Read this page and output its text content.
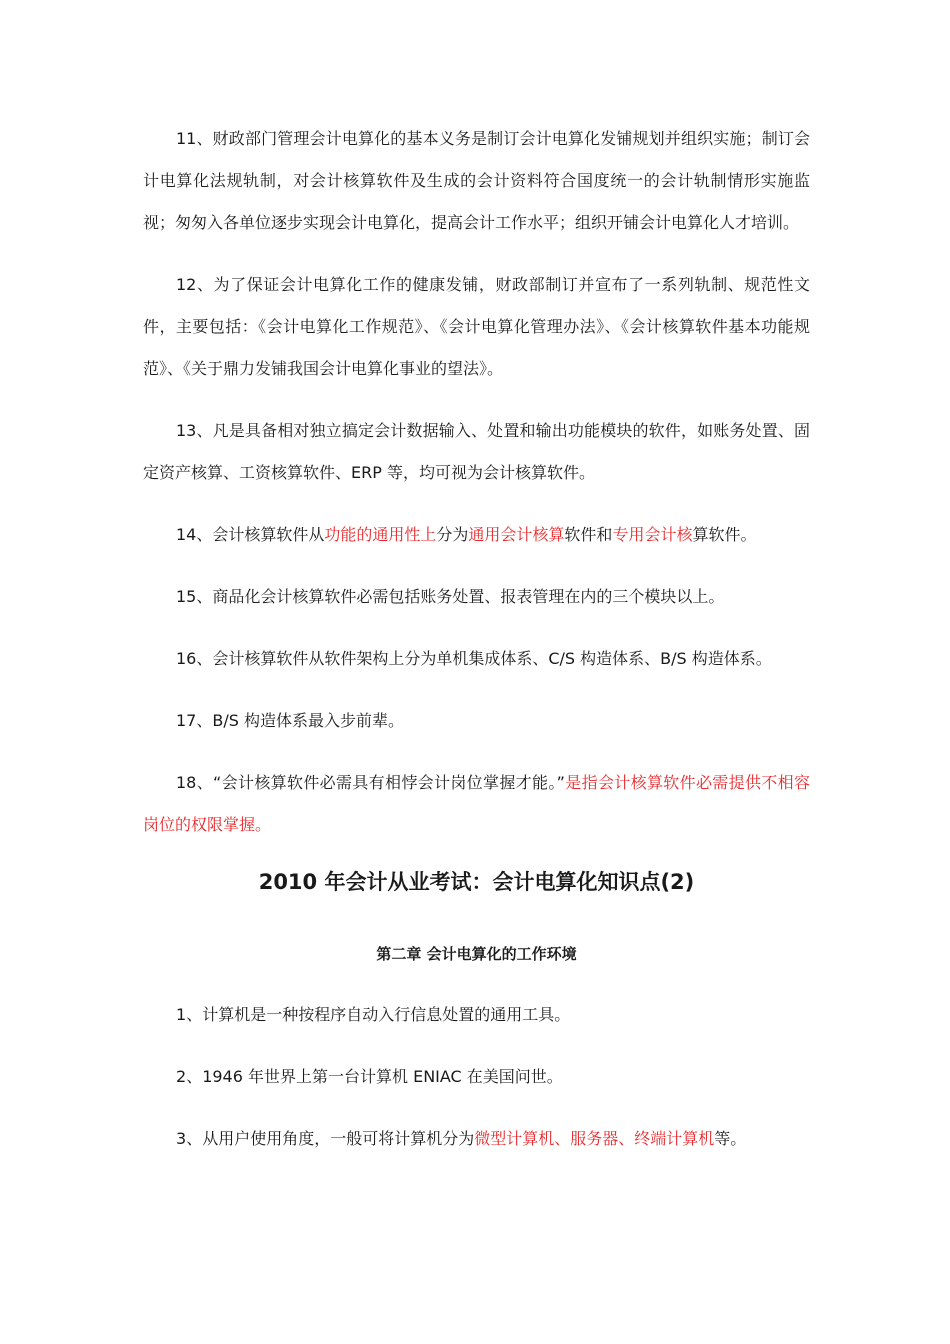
11、财政部门管理会计电算化的基本义务是制订会计电算化发铺规划并组织实施；制订会计电算化法规轨制，对会计核算软件及生成的会计资料符合国度统一的会计轨制情形实施监视；匆匆入各单位逐步实现会计电算化，提高会计工作水平；组织开铺会计电算化人才培训。

12、为了保证会计电算化工作的健康发铺，财政部制订并宣布了一系列轨制、规范性文件，主要包括：《会计电算化工作规范》、《会计电算化管理办法》、《会计核算软件基本功能规范》、《关于鼎力发铺我国会计电算化事业的望法》。

13、凡是具备相对独立搞定会计数据输入、处置和输出功能模块的软件，如账务处置、固定资产核算、工资核算软件、ERP 等，均可视为会计核算软件。

14、会计核算软件从功能的通用性上分为通用会计核算软件和专用会计核算软件。

15、商品化会计核算软件必需包括账务处置、报表管理在内的三个模块以上。

16、会计核算软件从软件架构上分为单机集成体系、C/S 构造体系、B/S 构造体系。

17、B/S 构造体系最入步前辈。

18、“会计核算软件必需具有相悖会计岗位掌握才能。”是指会计核算软件必需提供不相容岗位的权限掌握。

2010 年会计从业考试：会计电算化知识点(2)
第二章 会计电算化的工作环境

1、计算机是一种按程序自动入行信息处置的通用工具。

2、1946 年世界上第一台计算机 ENIAC 在美国问世。

3、从用户使用角度，一般可将计算机分为微型计算机、服务器、终端计算机等。
